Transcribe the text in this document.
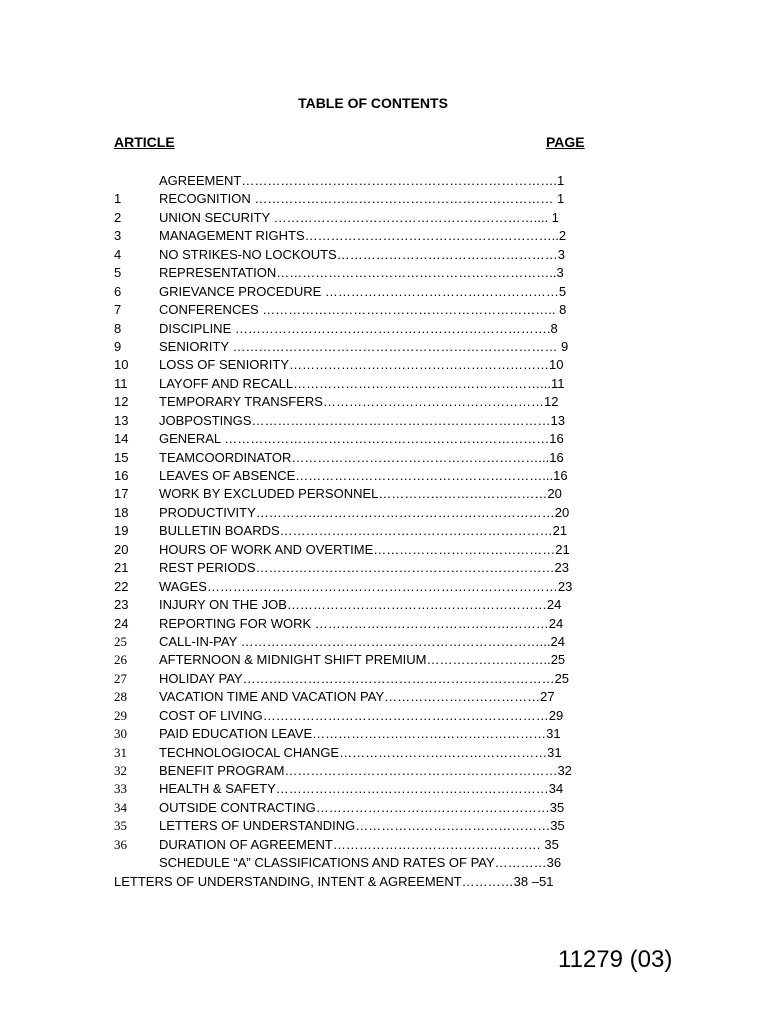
TABLE OF CONTENTS
ARTICLE	PAGE
AGREEMENT……………………………………………………………….1
1	RECOGNITION …………………………………………………………… 1
2	UNION SECURITY …………………………………………………….... 1
3	MANAGEMENT RIGHTS…………………………………………………..2
4	NO STRIKES-NO LOCKOUTS……………………………………………3
5	REPRESENTATION………………………………………………………..3
6	GRIEVANCE PROCEDURE ………………………………………………5
7	CONFERENCES ………………………………………………………….. 8
8	DISCIPLINE ……………………………………………………………….8
9	SENIORITY ………………………………………………………………… 9
10	LOSS OF SENIORITY……………………………………………………10
11	LAYOFF AND RECALL…………………………………………………...11
12	TEMPORARY TRANSFERS……………………………………………12
13	JOBPOSTINGS……………………………………………………………13
14	GENERAL …………………………………………………………………16
15	TEAMCOORDINATOR…………………………………………………...16
16	LEAVES OF ABSENCE…………………………………………………...16
17	WORK BY EXCLUDED PERSONNEL…………………………………20
18	PRODUCTIVITY……………………………………………………………20
19	BULLETIN BOARDS………………………………………………………21
20	HOURS OF WORK AND OVERTIME……………………………………21
21	REST PERIODS……………………………………………………………23
22	WAGES………………………………………………………………………23
23	INJURY ON THE JOB……………………………………………………24
24	REPORTING FOR WORK ………………………………………………24
25	CALL-IN-PAY ……………………………………………………………...24
26	AFTERNOON & MIDNIGHT SHIFT PREMIUM………………………..25
27	HOLIDAY PAY………………………………………………………………25
28	VACATION TIME AND VACATION PAY………………………………27
29	COST OF LIVING…………………………………………………………29
30	PAID EDUCATION LEAVE………………………………………………31
31	TECHNOLOGIOCAL CHANGE…………………………………………31
32	BENEFIT PROGRAM………………………………………………………32
33	HEALTH & SAFETY………………………………………………………34
34	OUTSIDE CONTRACTING………………………………………………35
35	LETTERS OF UNDERSTANDING………………………………………35
36	DURATION OF AGREEMENT………………………………………… 35
SCHEDULE “A” CLASSIFICATIONS AND RATES OF PAY…………36
LETTERS OF UNDERSTANDING, INTENT & AGREEMENT…………38 –51
11279 (03)
